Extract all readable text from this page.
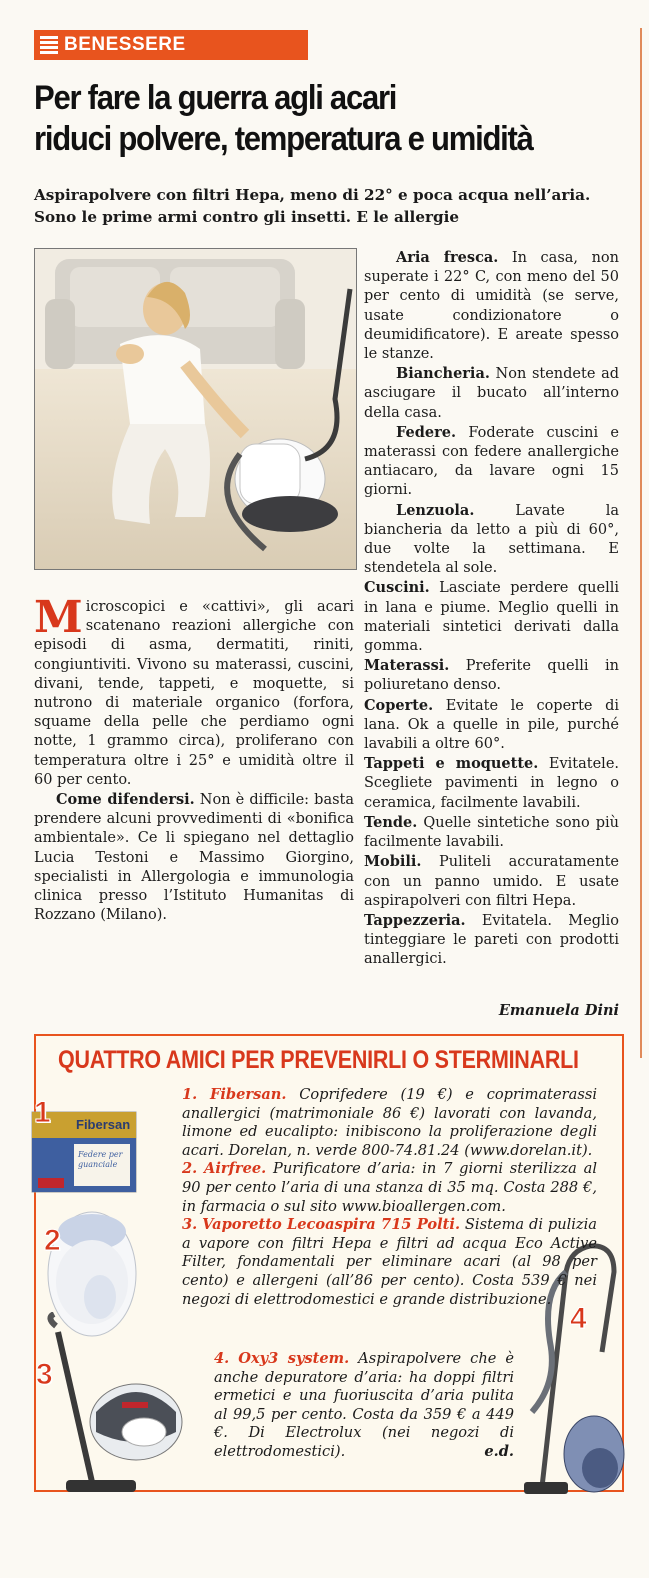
BENESSERE
Per fare la guerra agli acari
riduci polvere, temperatura e umidità
Aspirapolvere con filtri Hepa, meno di 22° e poca acqua nell’aria. Sono le prime armi contro gli insetti. E le allergie

Microscopici e «cattivi», gli acari scatenano reazioni allergiche con episodi di asma, dermatiti, riniti, congiuntiviti. Vivono su materassi, cuscini, divani, tende, tappeti, e moquette, si nutrono di materiale organico (forfora, squame della pelle che perdiamo ogni notte, 1 grammo circa), proliferano con temperatura oltre i 25° e umidità oltre il 60 per cento.

Come difendersi. Non è difficile: basta prendere alcuni provvedimenti di «bonifica ambientale». Ce li spiegano nel dettaglio Lucia Testoni e Massimo Giorgino, specialisti in Allergologia e immunologia clinica presso l’Istituto Humanitas di Rozzano (Milano).

Aria fresca. In casa, non superate i 22° C, con meno del 50 per cento di umidità (se serve, usate condizionatore o deumidificatore). E areate spesso le stanze.

Biancheria. Non stendete ad asciugare il bucato all’interno della casa.

Federe. Foderate cuscini e materassi con federe anallergiche antiacaro, da lavare ogni 15 giorni.

Lenzuola. Lavate la biancheria da letto a più di 60°, due volte la settimana. E stendetela al sole.

Cuscini. Lasciate perdere quelli in lana e piume. Meglio quelli in materiali sintetici derivati dalla gomma.

Materassi. Preferite quelli in poliuretano denso.

Coperte. Evitate le coperte di lana. Ok a quelle in pile, purché lavabili a oltre 60°.

Tappeti e moquette. Evitatele. Scegliete pavimenti in legno o ceramica, facilmente lavabili.

Tende. Quelle sintetiche sono più facilmente lavabili.

Mobili. Puliteli accuratamente con un panno umido. E usate aspirapolveri con filtri Hepa.

Tappezzeria. Evitatela. Meglio tinteggiare le pareti con prodotti anallergici.

Emanuela Dini
QUATTRO AMICI PER PREVENIRLI O STERMINARLI
Fibersan
Federe per guanciale
1
2
3
4

1. Fibersan. Coprifedere (19 €) e coprimaterassi anallergici (matrimoniale 86 €) lavorati con lavanda, limone ed eucalipto: inibiscono la proliferazione degli acari. Dorelan, n. verde 800-74.81.24 (www.dorelan.it).

2. Airfree. Purificatore d’aria: in 7 giorni sterilizza al 90 per cento l’aria di una stanza di 35 mq. Costa 288 €, in farmacia o sul sito www.bioallergen.com.

3. Vaporetto Lecoaspira 715 Polti. Sistema di pulizia a vapore con filtri Hepa e filtri ad acqua Eco Active Filter, fondamentali per eliminare acari (al 98 per cento) e allergeni (all’86 per cento). Costa 539 € nei negozi di elettrodomestici e grande distribuzione.

4. Oxy3 system. Aspirapolvere che è anche depuratore d’aria: ha doppi filtri ermetici e una fuoriuscita d’aria pulita al 99,5 per cento. Costa da 359 € a 449 €. Di Electrolux (nei negozi di elettrodomestici).	e.d.
